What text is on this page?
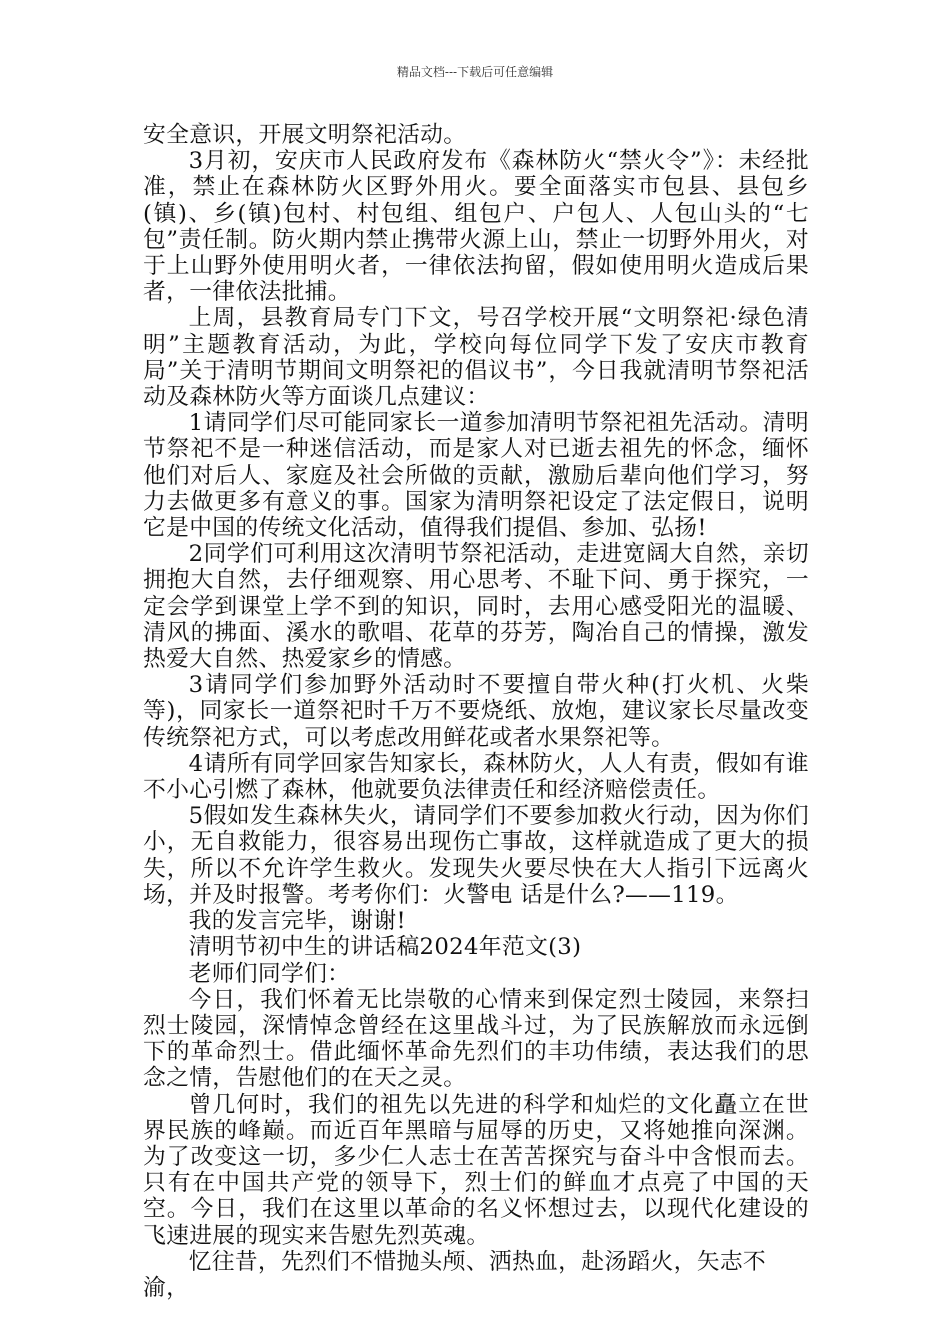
精品文档---下载后可任意编辑

安全意识，开展文明祭祀活动。

3月初，安庆市人民政府发布《森林防火“禁火令”》：未经批准，禁止在森林防火区野外用火。要全面落实市包县、县包乡(镇)、乡(镇)包村、村包组、组包户、户包人、人包山头的“七包”责任制。防火期内禁止携带火源上山，禁止一切野外用火，对于上山野外使用明火者，一律依法拘留，假如使用明火造成后果者，一律依法批捕。

上周，县教育局专门下文，号召学校开展“文明祭祀·绿色清明”主题教育活动，为此，学校向每位同学下发了安庆市教育局”关于清明节期间文明祭祀的倡议书”，今日我就清明节祭祀活动及森林防火等方面谈几点建议：

1请同学们尽可能同家长一道参加清明节祭祀祖先活动。清明节祭祀不是一种迷信活动，而是家人对已逝去祖先的怀念，缅怀他们对后人、家庭及社会所做的贡献，激励后辈向他们学习，努力去做更多有意义的事。国家为清明祭祀设定了法定假日，说明它是中国的传统文化活动，值得我们提倡、参加、弘扬!

2同学们可利用这次清明节祭祀活动，走进宽阔大自然，亲切拥抱大自然，去仔细观察、用心思考、不耻下问、勇于探究，一定会学到课堂上学不到的知识，同时，去用心感受阳光的温暖、清风的拂面、溪水的歌唱、花草的芬芳，陶冶自己的情操，激发热爱大自然、热爱家乡的情感。

3请同学们参加野外活动时不要擅自带火种(打火机、火柴等)，同家长一道祭祀时千万不要烧纸、放炮，建议家长尽量改变传统祭祀方式，可以考虑改用鲜花或者水果祭祀等。

4请所有同学回家告知家长，森林防火，人人有责，假如有谁不小心引燃了森林，他就要负法律责任和经济赔偿责任。

5假如发生森林失火，请同学们不要参加救火行动，因为你们小，无自救能力，很容易出现伤亡事故，这样就造成了更大的损失，所以不允许学生救火。发现失火要尽快在大人指引下远离火场，并及时报警。考考你们：火警电 话是什么?——119。

我的发言完毕，谢谢!

清明节初中生的讲话稿2024年范文(3)

老师们同学们：

今日，我们怀着无比崇敬的心情来到保定烈士陵园，来祭扫烈士陵园，深情悼念曾经在这里战斗过，为了民族解放而永远倒下的革命烈士。借此缅怀革命先烈们的丰功伟绩，表达我们的思念之情，告慰他们的在天之灵。

曾几何时，我们的祖先以先进的科学和灿烂的文化矗立在世界民族的峰巅。而近百年黑暗与屈辱的历史，又将她推向深渊。为了改变这一切，多少仁人志士在苦苦探究与奋斗中含恨而去。只有在中国共产党的领导下，烈士们的鲜血才点亮了中国的天空。今日，我们在这里以革命的名义怀想过去，以现代化建设的飞速进展的现实来告慰先烈英魂。

忆往昔，先烈们不惜抛头颅、洒热血，赴汤蹈火，矢志不渝，
